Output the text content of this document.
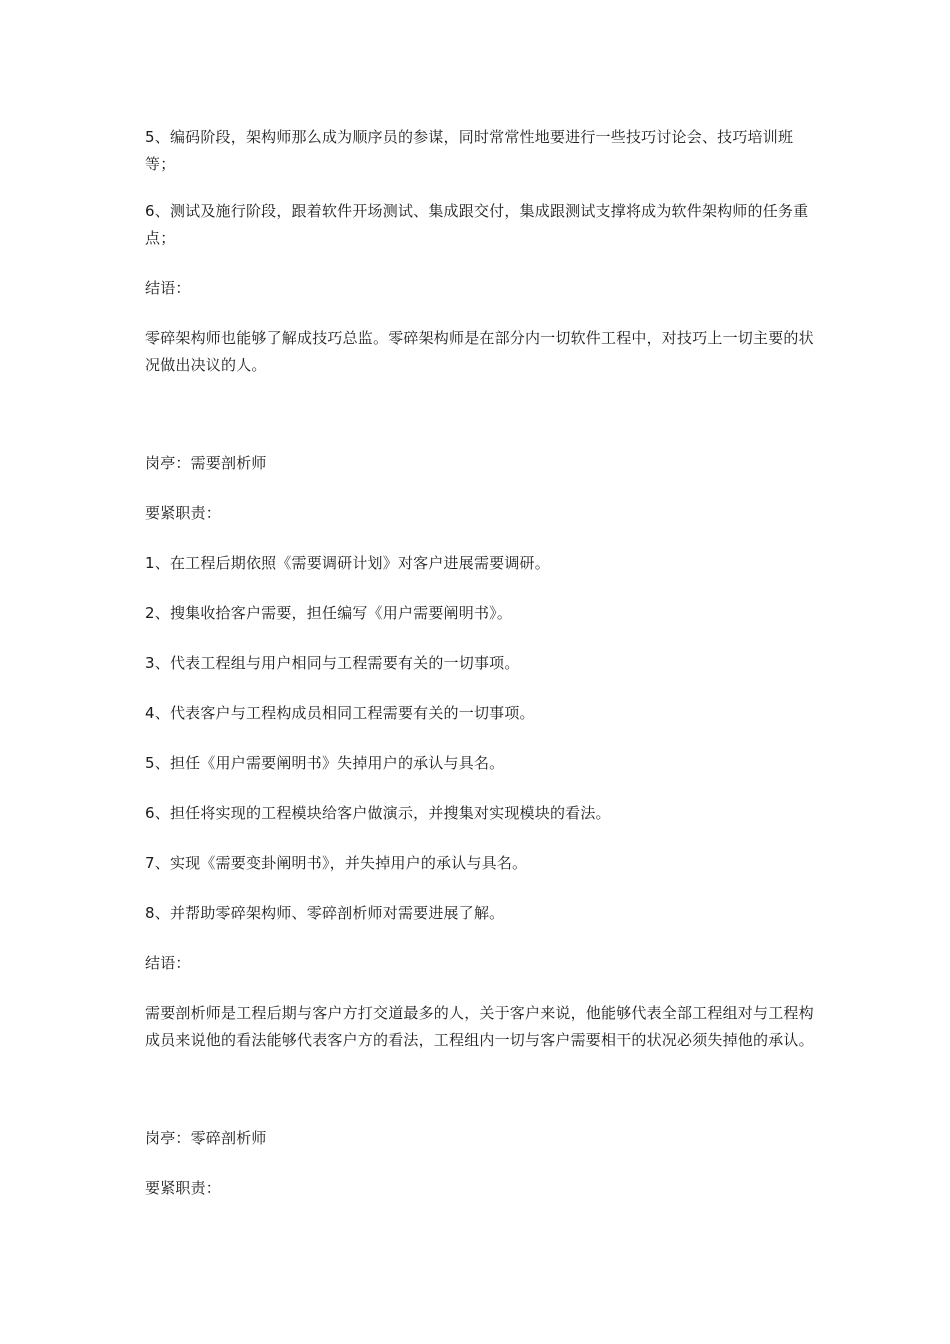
5、编码阶段，架构师那么成为顺序员的参谋，同时常常性地要进行一些技巧讨论会、技巧培训班等；

6、测试及施行阶段，跟着软件开场测试、集成跟交付，集成跟测试支撑将成为软件架构师的任务重点；

结语：

零碎架构师也能够了解成技巧总监。零碎架构师是在部分内一切软件工程中，对技巧上一切主要的状况做出决议的人。

岗亭：需要剖析师

要紧职责：

1、在工程后期依照《需要调研计划》对客户进展需要调研。

2、搜集收拾客户需要，担任编写《用户需要阐明书》。

3、代表工程组与用户相同与工程需要有关的一切事项。

4、代表客户与工程构成员相同工程需要有关的一切事项。

5、担任《用户需要阐明书》失掉用户的承认与具名。

6、担任将实现的工程模块给客户做演示，并搜集对实现模块的看法。

7、实现《需要变卦阐明书》，并失掉用户的承认与具名。

8、并帮助零碎架构师、零碎剖析师对需要进展了解。

结语：

需要剖析师是工程后期与客户方打交道最多的人，关于客户来说，他能够代表全部工程组对与工程构成员来说他的看法能够代表客户方的看法，工程组内一切与客户需要相干的状况必须失掉他的承认。

岗亭：零碎剖析师

要紧职责：
